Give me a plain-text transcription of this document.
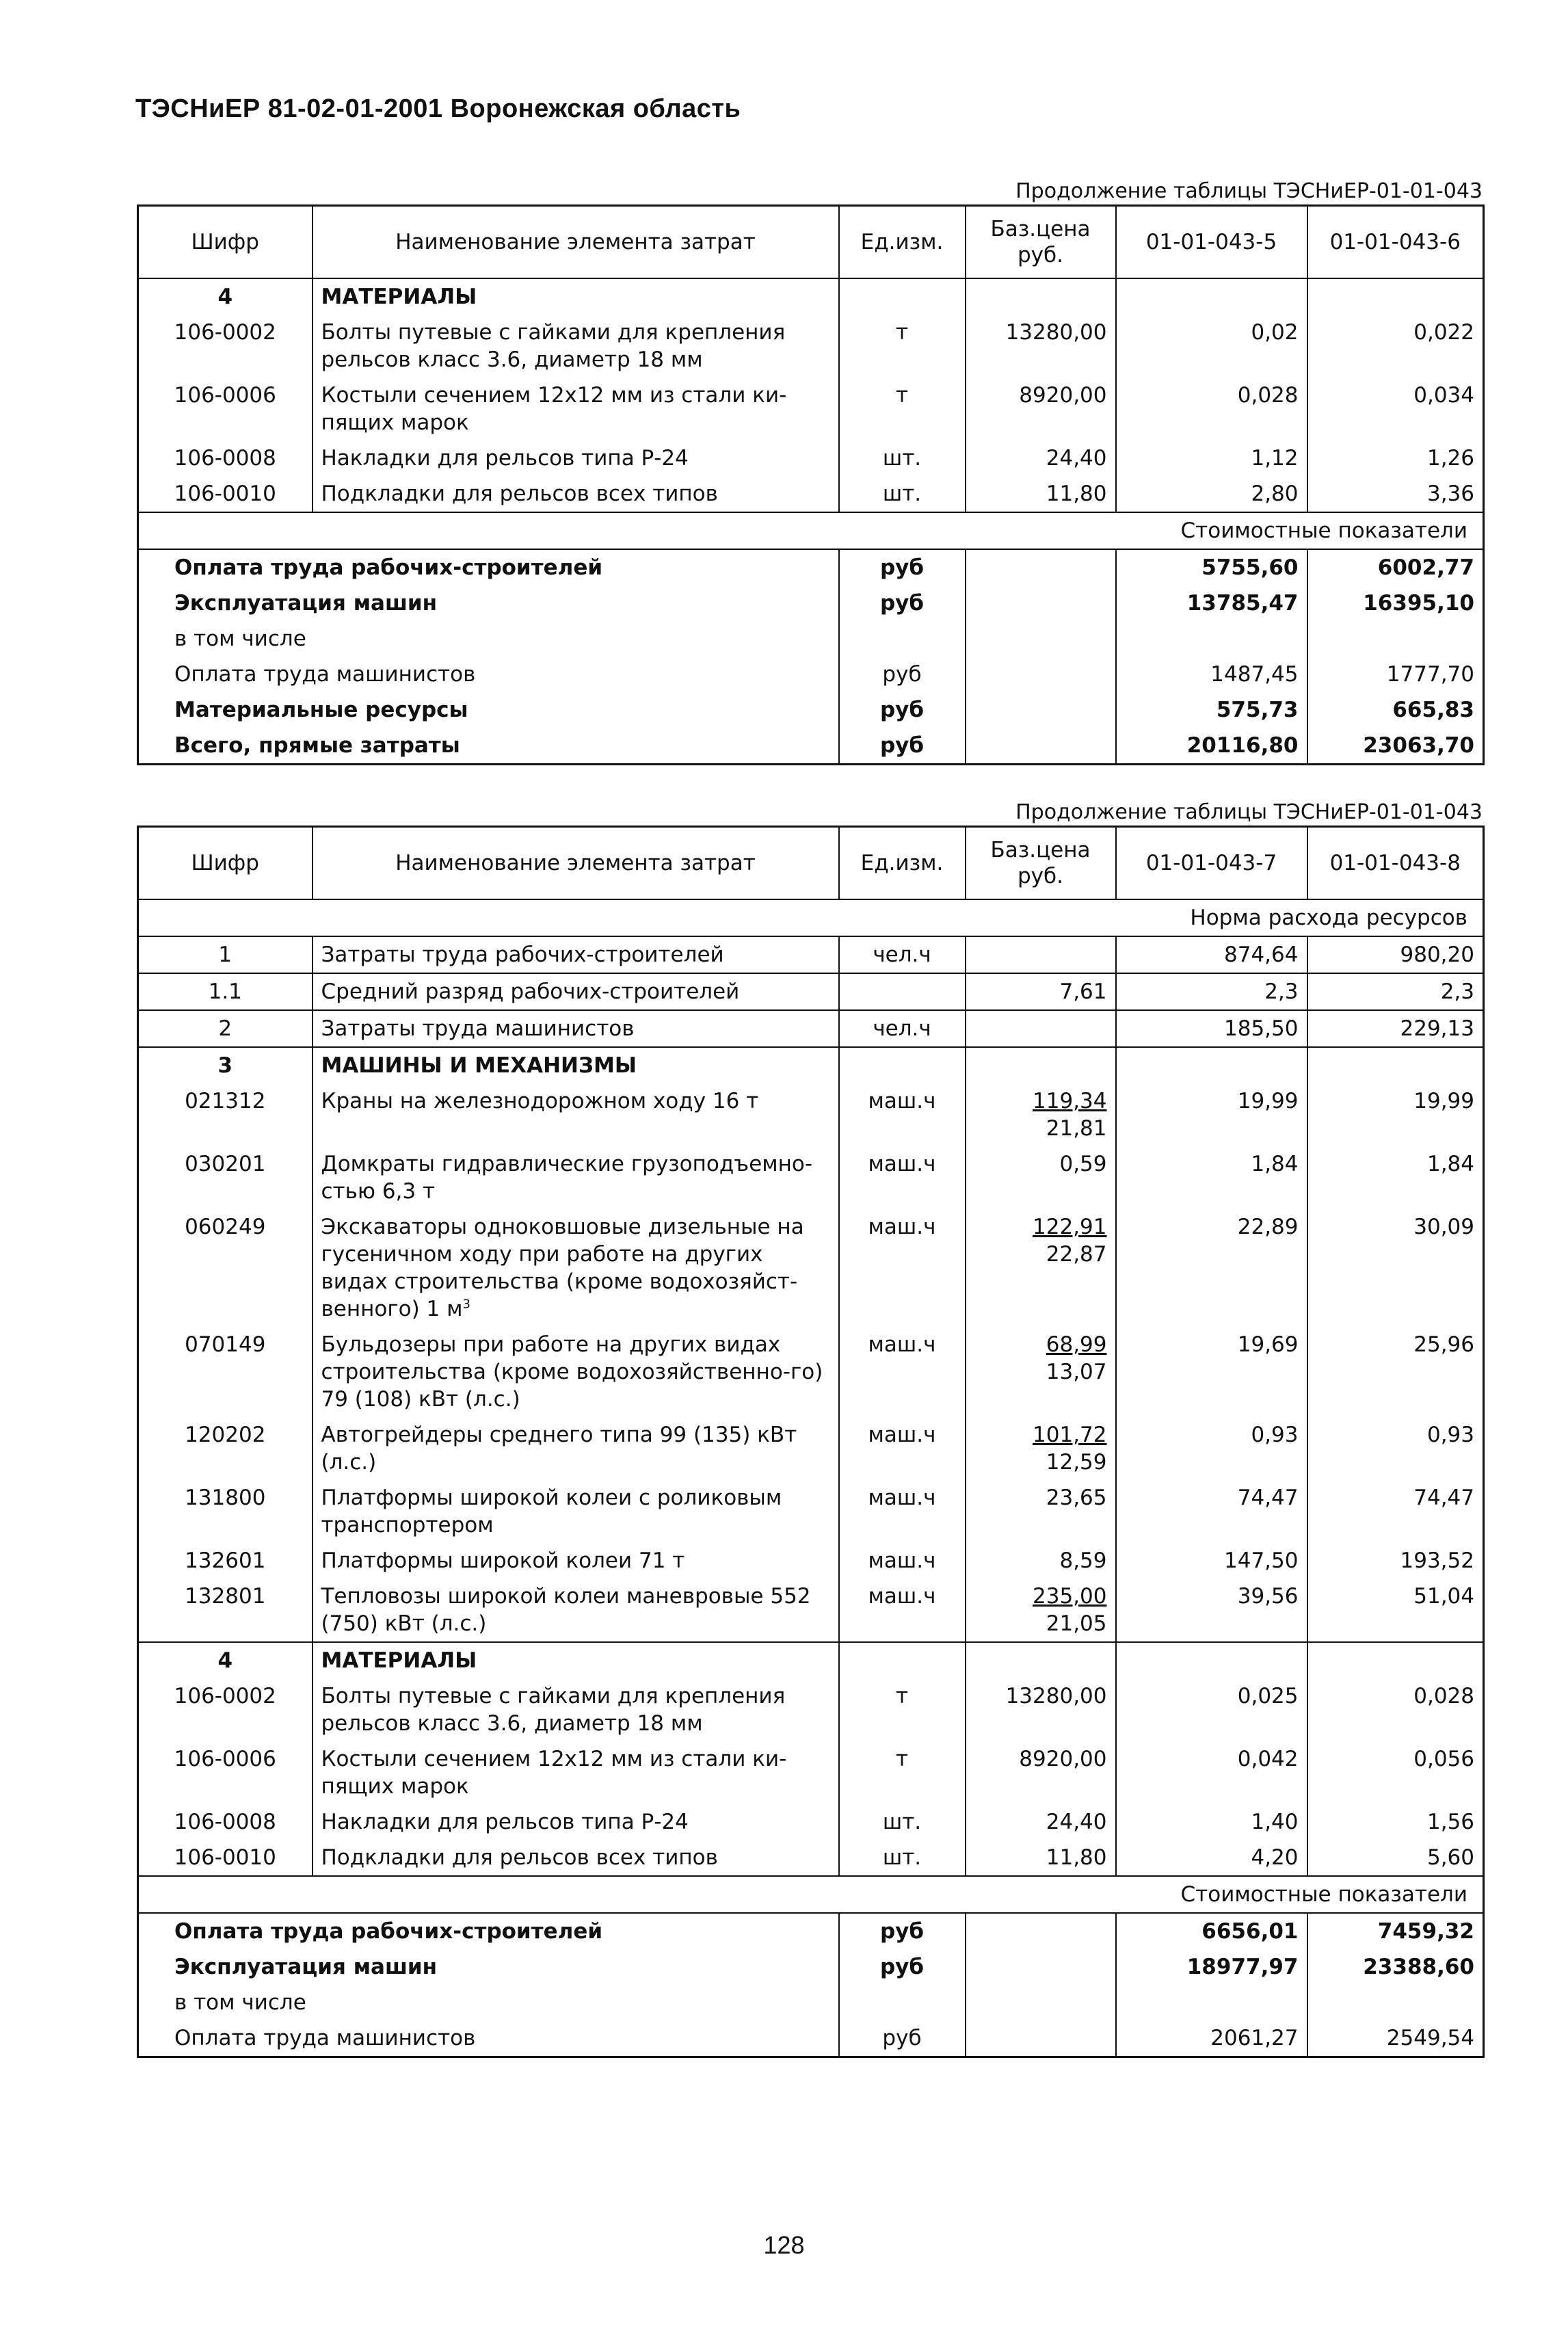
ТЭСНиЕР 81-02-01-2001 Воронежская область
Продолжение таблицы ТЭСНиЕР-01-01-043
Шифр	Наименование элемента затрат	Ед.изм.	Баз.цена руб.	01-01-043-5	01-01-043-6
4	МАТЕРИАЛЫ				
106-0002	Болты путевые с гайками для крепления рельсов класс 3.6, диаметр 18 мм	т	13280,00	0,02	0,022
106-0006	Костыли сечением 12х12 мм из стали ки-пящих марок	т	8920,00	0,028	0,034
106-0008	Накладки для рельсов типа Р-24	шт.	24,40	1,12	1,26
106-0010	Подкладки для рельсов всех типов	шт.	11,80	2,80	3,36
Стоимостные показатели					
Оплата труда рабочих-строителей		руб		5755,60	6002,77
Эксплуатация машин		руб		13785,47	16395,10
в том числе					
Оплата труда машинистов		руб		1487,45	1777,70
Материальные ресурсы		руб		575,73	665,83
Всего, прямые затраты		руб		20116,80	23063,70
Продолжение таблицы ТЭСНиЕР-01-01-043
Шифр	Наименование элемента затрат	Ед.изм.	Баз.цена руб.	01-01-043-7	01-01-043-8
Норма расхода ресурсов					
1	Затраты труда рабочих-строителей	чел.ч		874,64	980,20
1.1	Средний разряд рабочих-строителей		7,61	2,3	2,3
2	Затраты труда машинистов	чел.ч		185,50	229,13
3	МАШИНЫ И МЕХАНИЗМЫ				
021312	Краны на железнодорожном ходу 16 т	маш.ч	$\frac{119,34}{21,81}$	19,99	19,99
030201	Домкраты гидравлические грузоподъемно-стью 6,3 т	маш.ч	0,59	1,84	1,84
060249	Экскаваторы одноковшовые дизельные на гусеничном ходу при работе на других видах строительства (кроме водохозяйст-венного) 1 $м^3$	маш.ч	$\frac{122,91}{22,87}$	22,89	30,09
070149	Бульдозеры при работе на других видах строительства (кроме водохозяйственно-го) 79 (108) кВт (л.с.)	маш.ч	$\frac{68,99}{13,07}$	19,69	25,96
120202	Автогрейдеры среднего типа 99 (135) кВт (л.с.)	маш.ч	$\frac{101,72}{12,59}$	0,93	0,93
131800	Платформы широкой колеи с роликовым транспортером	маш.ч	23,65	74,47	74,47
132601	Платформы широкой колеи 71 т	маш.ч	8,59	147,50	193,52
132801	Тепловозы широкой колеи маневровые 552 (750) кВт (л.с.)	маш.ч	$\frac{235,00}{21,05}$	39,56	51,04
4	МАТЕРИАЛЫ				
106-0002	Болты путевые с гайками для крепления рельсов класс 3.6, диаметр 18 мм	т	13280,00	0,025	0,028
106-0006	Костыли сечением 12х12 мм из стали ки-пящих марок	т	8920,00	0,042	0,056
106-0008	Накладки для рельсов типа Р-24	шт.	24,40	1,40	1,56
106-0010	Подкладки для рельсов всех типов	шт.	11,80	4,20	5,60
Стоимостные показатели					
Оплата труда рабочих-строителей		руб		6656,01	7459,32
Эксплуатация машин		руб		18977,97	23388,60
в том числе					
Оплата труда машинистов		руб		2061,27	2549,54
128
